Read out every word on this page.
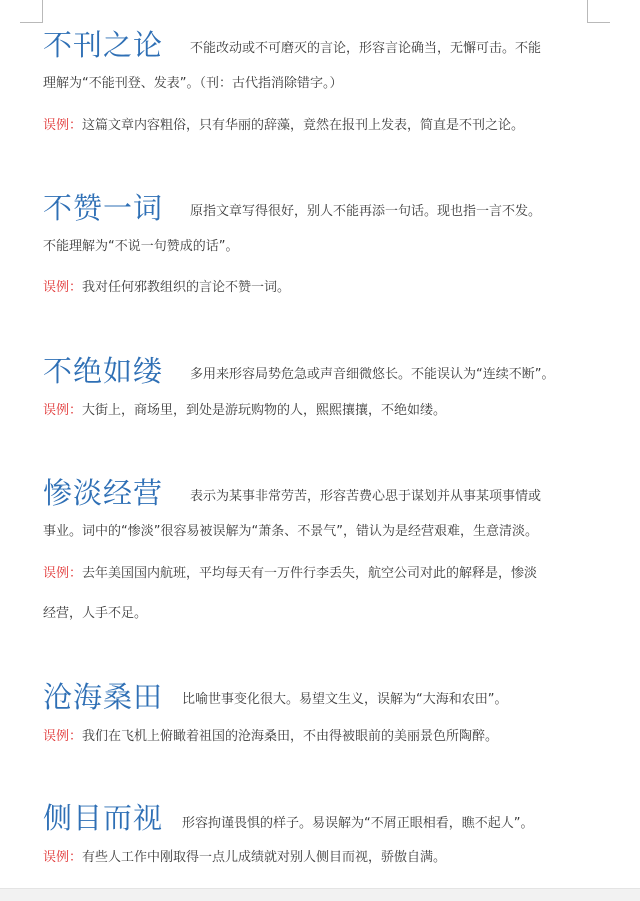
不刊之论 不能改动或不可磨灭的言论，形容言论确当，无懈可击。不能
理解为“不能刊登、发表”。（刊：古代指消除错字。）
误例：这篇文章内容粗俗，只有华丽的辞藻，竟然在报刊上发表，简直是不刊之论。
不赞一词 原指文章写得很好，别人不能再添一句话。现也指一言不发。
不能理解为“不说一句赞成的话”。
误例：我对任何邪教组织的言论不赞一词。
不绝如缕 多用来形容局势危急或声音细微悠长。不能误认为“连续不断”。
误例：大街上，商场里，到处是游玩购物的人，熙熙攘攘，不绝如缕。
惨淡经营 表示为某事非常劳苦，形容苦费心思于谋划并从事某项事情或
事业。词中的“惨淡”很容易被误解为“萧条、不景气”，错认为是经营艰难，生意清淡。
误例：去年美国国内航班，平均每天有一万件行李丢失，航空公司对此的解释是，惨淡
经营，人手不足。
沧海桑田 比喻世事变化很大。易望文生义，误解为“大海和农田”。
误例：我们在飞机上俯瞰着祖国的沧海桑田，不由得被眼前的美丽景色所陶醉。
侧目而视 形容拘谨畏惧的样子。易误解为“不屑正眼相看，瞧不起人”。
误例：有些人工作中刚取得一点儿成绩就对别人侧目而视，骄傲自满。
